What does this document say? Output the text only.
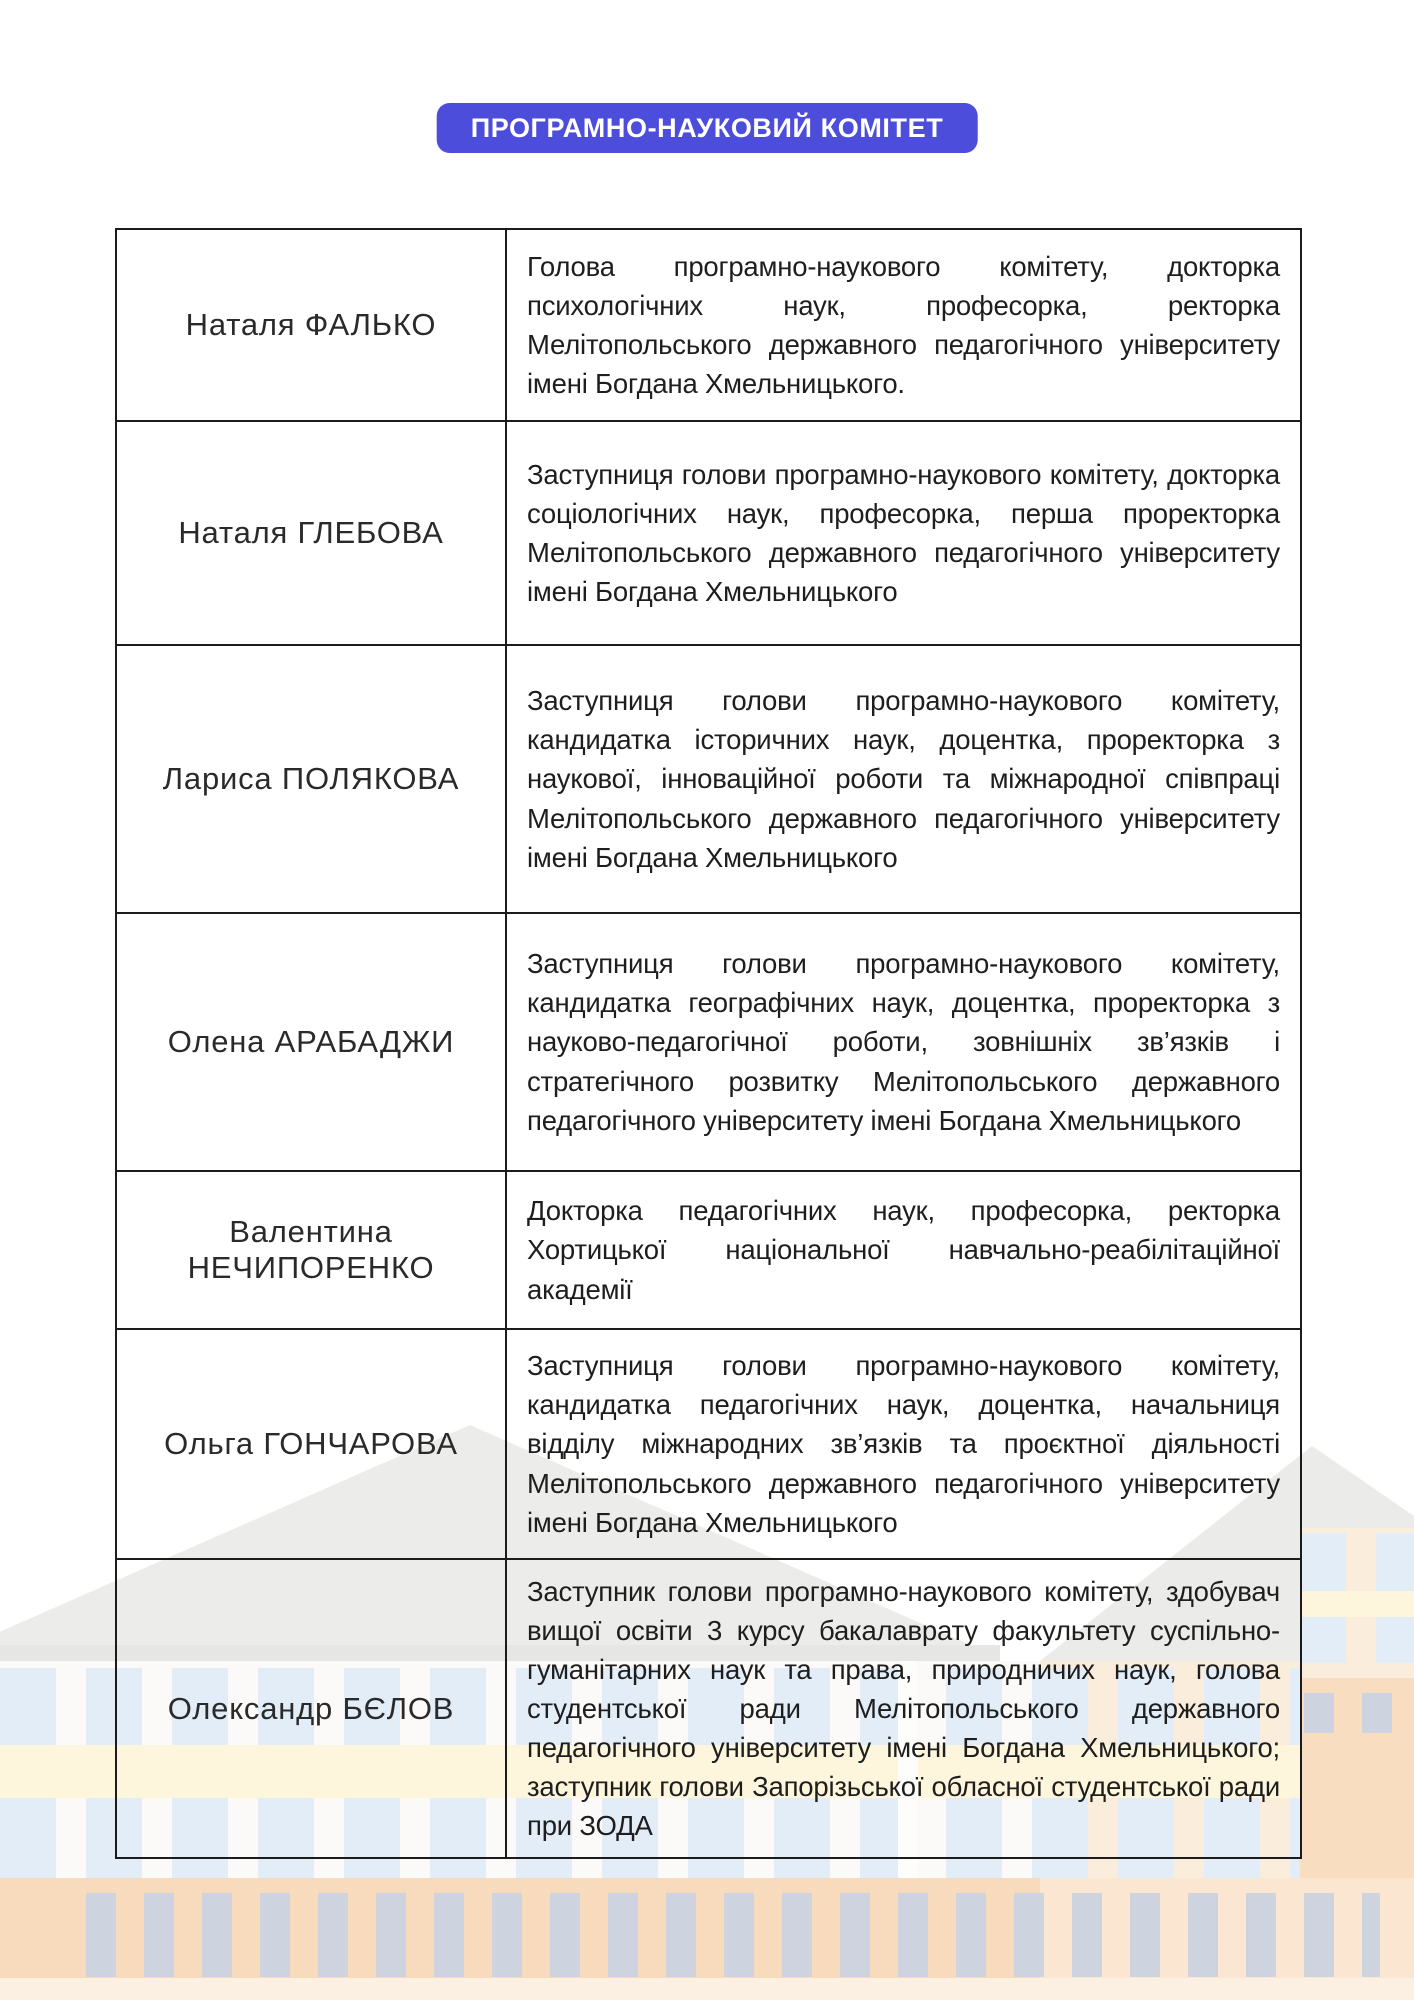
ПРОГРАМНО-НАУКОВИЙ КОМІТЕТ
Наталя ФАЛЬКО	Голова програмно-наукового комітету, докторка психологічних наук, професорка, ректорка Мелітопольського державного педагогічного університету імені Богдана Хмельницького.
Наталя ГЛЕБОВА	Заступниця голови програмно-наукового комітету, докторка соціологічних наук, професорка, перша проректорка Мелітопольського державного педагогічного університету імені Богдана Хмельницького
Лариса ПОЛЯКОВА	Заступниця голови програмно-наукового комітету, кандидатка історичних наук, доцентка, проректорка з наукової, інноваційної роботи та міжнародної співпраці Мелітопольського державного педагогічного університету імені Богдана Хмельницького
Олена АРАБАДЖИ	Заступниця голови програмно-наукового комітету, кандидатка географічних наук, доцентка, проректорка з науково-педагогічної роботи, зовнішніх зв’язків і стратегічного розвитку Мелітопольського державного педагогічного університету імені Богдана Хмельницького
Валентина НЕЧИПОРЕНКО	Докторка педагогічних наук, професорка, ректорка Хортицької національної навчально-реабілітаційної академії
Ольга ГОНЧАРОВА	Заступниця голови програмно-наукового комітету, кандидатка педагогічних наук, доцентка, начальниця відділу міжнародних зв’язків та проєктної діяльності Мелітопольського державного педагогічного університету імені Богдана Хмельницького
Олександр БЄЛОВ	Заступник голови програмно-наукового комітету, здобувач вищої освіти 3 курсу бакалаврату факультету суспільно-гуманітарних наук та права, природничих наук, голова студентської ради Мелітопольського державного педагогічного університету імені Богдана Хмельницького; заступник голови Запорізьської обласної студентської ради при ЗОДА
